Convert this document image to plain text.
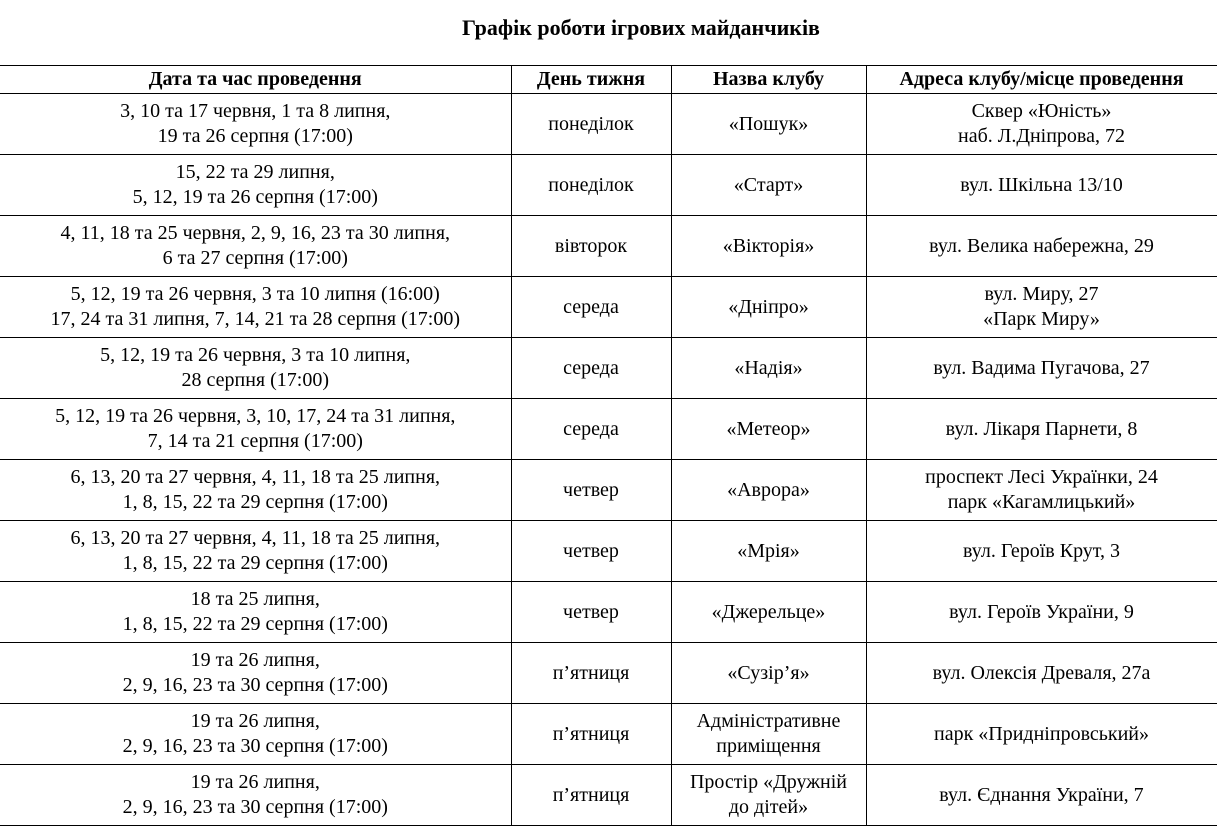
Графік роботи ігрових майданчиків
Дата та час проведення	День тижня	Назва клубу	Адреса клубу/місце проведення

3, 10 та 17 червня, 1 та 8 липня,
19 та 26 серпня (17:00)	понеділок	«Пошук»	Сквер «Юність»
наб. Л.Дніпрова, 72

15, 22 та 29 липня,
5, 12, 19 та 26 серпня (17:00)	понеділок	«Старт»	вул. Шкільна 13/10

4, 11, 18 та 25 червня, 2, 9, 16, 23 та 30 липня,
6 та 27 серпня (17:00)	вівторок	«Вікторія»	вул. Велика набережна, 29

5, 12, 19 та 26 червня, 3 та 10 липня (16:00)
17, 24 та 31 липня, 7, 14, 21 та 28 серпня (17:00)	середа	«Дніпро»	вул. Миру, 27
«Парк Миру»

5, 12, 19 та 26 червня, 3 та 10 липня,
28 серпня (17:00)	середа	«Надія»	вул. Вадима Пугачова, 27

5, 12, 19 та 26 червня, 3, 10, 17, 24 та 31 липня,
7, 14 та 21 серпня (17:00)	середа	«Метеор»	вул. Лікаря Парнети, 8

6, 13, 20 та 27 червня, 4, 11, 18 та 25 липня,
1, 8, 15, 22 та 29 серпня (17:00)	четвер	«Аврора»	проспект Лесі Українки, 24
парк «Кагамлицький»

6, 13, 20 та 27 червня, 4, 11, 18 та 25 липня,
1, 8, 15, 22 та 29 серпня (17:00)	четвер	«Мрія»	вул. Героїв Крут, 3

18 та 25 липня,
1, 8, 15, 22 та 29 серпня (17:00)	четвер	«Джерельце»	вул. Героїв України, 9

19 та 26 липня,
2, 9, 16, 23 та 30 серпня (17:00)	п’ятниця	«Сузір’я»	вул. Олексія Древаля, 27а

19 та 26 липня,
2, 9, 16, 23 та 30 серпня (17:00)	п’ятниця	Адміністративне
приміщення	парк «Придніпровський»

19 та 26 липня,
2, 9, 16, 23 та 30 серпня (17:00)	п’ятниця	Простір «Дружній
до дітей»	вул. Єднання України, 7
